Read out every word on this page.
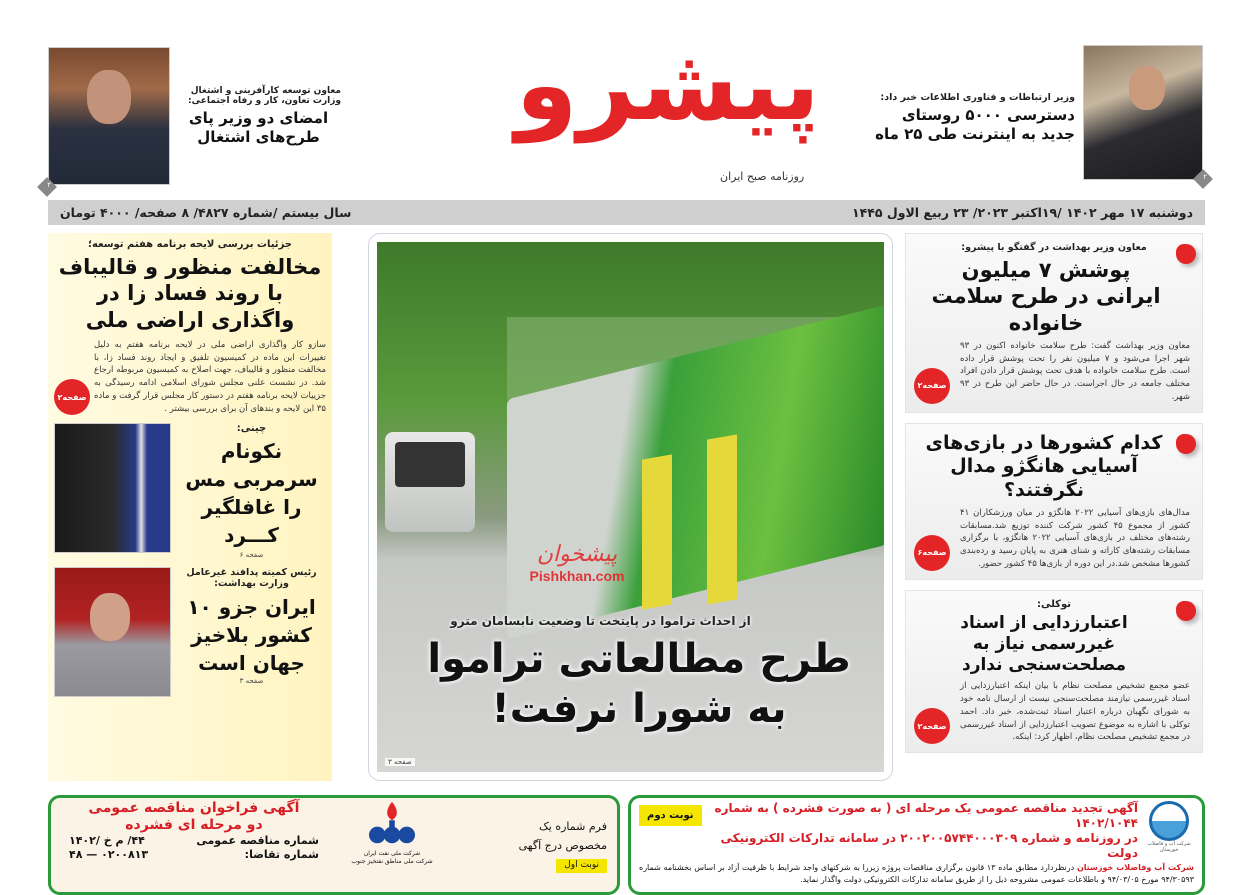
پیشرو
روزنامه صبح ایران	۲
وزیر ارتباطات و فناوری اطلاعات خبر داد:
دسترسی ۵۰۰۰ روستای جدید به اینترنت طی ۲۵ ماه
۲
معاون توسعه کارآفرینی و اشتغال وزارت تعاون، کار و رفاه اجتماعی:
امضای دو وزیر پای طرح‌های اشتغال
دوشنبه ۱۷ مهر ۱۴۰۲ /۱۹اکتبر ۲۰۲۳/ ۲۳ ربیع الاول ۱۴۴۵
سال بیستم /شماره ۴۸۲۷/ ۸ صفحه/ ۴۰۰۰ تومان
معاون وزیر بهداشت در گفتگو با پیشرو:
پوشش ۷ میلیون ایرانی در طرح سلامت خانواده
معاون وزیر بهداشت گفت: طرح سلامت خانواده اکنون در ۹۳ شهر اجرا می‌شود و ۷ میلیون نفر را تحت پوشش قرار داده است. طرح سلامت خانواده با هدف تحت پوشش قرار دادن افراد مختلف جامعه در حال اجراست. در حال حاضر این طرح در ۹۳ شهر.
صفحه۲
کدام کشورها در بازی‌های آسیایی هانگژو مدال نگرفتند؟
مدال‌های بازی‌های آسیایی ۲۰۲۲ هانگژو در میان ورزشکاران ۴۱ کشور از مجموع ۴۵ کشور شرکت کننده توزیع شد.مسابقات رشته‌های مختلف در بازی‌های آسیایی ۲۰۲۲ هانگژو، با برگزاری مسابقات رشته‌های کاراته و شنای هنری به پایان رسید و رده‌بندی کشورها مشخص شد.در این دوره از بازی‌ها ۴۵ کشور حضور.
صفحه۶
توکلی:
اعتبارزدایی از اسناد غیررسمی نیاز به مصلحت‌سنجی ندارد
عضو مجمع تشخیص مصلحت نظام با بیان اینکه اعتبارزدایی از اسناد غیررسمی نیازمند مصلحت‌سنجی نیست از ارسال نامه خود به شورای نگهبان درباره اعتبار اسناد ثبت‌شده، خبر داد. احمد توکلی با اشاره به موضوع تصویب اعتبارزدایی از اسناد غیررسمی در مجمع تشخیص مصلحت نظام، اظهار کرد: اینکه.
صفحه۲
پیشخوان
Pishkhan.com
از احداث تراموا در پایتخت تا وضعیت نابسامان مترو
طرح مطالعاتی تراموا به شورا نرفت!
صفحه ۳
جزئیات بررسی لایحه برنامه هفتم توسعه؛
مخالفت منظور و قالیباف با روند فساد زا در واگذاری اراضی ملی
سازو کار واگذاری اراضی ملی در لایحه برنامه هفتم به دلیل تغییرات این ماده در کمیسیون تلفیق و ایجاد روند فساد زا، با مخالفت منظور و قالیباف، جهت اصلاح به کمیسیون مربوطه ارجاع شد. در نشست علنی مجلس شورای اسلامی ادامه رسیدگی به جزییات لایحه برنامه هفتم در دستور کار مجلس قرار گرفت و ماده ۳۵ این لایحه و بندهای آن برای بررسی بیشتر .
صفحه۲
چینی:
نکونام سرمربی مس را غافلگیر کـــرد
صفحه ۶
رئیس کمیته پدافند غیرعامل وزارت بهداشت:
ایران جزو ۱۰ کشور بلاخیز جهان است
صفحه ۳
شرکت آب و فاضلاب خوزستان
آگهی تجدید مناقصه عمومی یک مرحله ای ( به صورت فشرده ) به شماره ۱۴۰۲/۱۰۴۴
در روزنامه و شماره ۲۰۰۲۰۰۵۷۴۴۰۰۰۳۰۹ در سامانه تدارکات الکترونیکی دولت
نوبت دوم
شرکت آب وفاضلاب خوزستان درنظردارد مطابق ماده ۱۳ قانون برگزاری مناقصات پروژه زیررا به شرکتهای واجد شرایط با ظرفیت آزاد بر اساس بخشنامه شماره ۹۴/۳۰۵۹۳ مورخ ۹۴/۰۳/۰۵ و باطلاعات عمومی مشروحه ذیل را از طریق سامانه تدارکات الکترونیکی دولت واگذار نماید.
فرم شماره یک
مخصوص درج آگهی
نوبت اول
شرکت ملی نفت ایران
شرکت ملی مناطق نفتخیز جنوب
آگهی فراخوان مناقصه عمومی
دو مرحله ای فشرده
شماره مناقصه عمومی
۴۴/ م خ /۱۴۰۲
شماره تقاضا:
۰۲۰۰۸۱۳ — ۴۸
